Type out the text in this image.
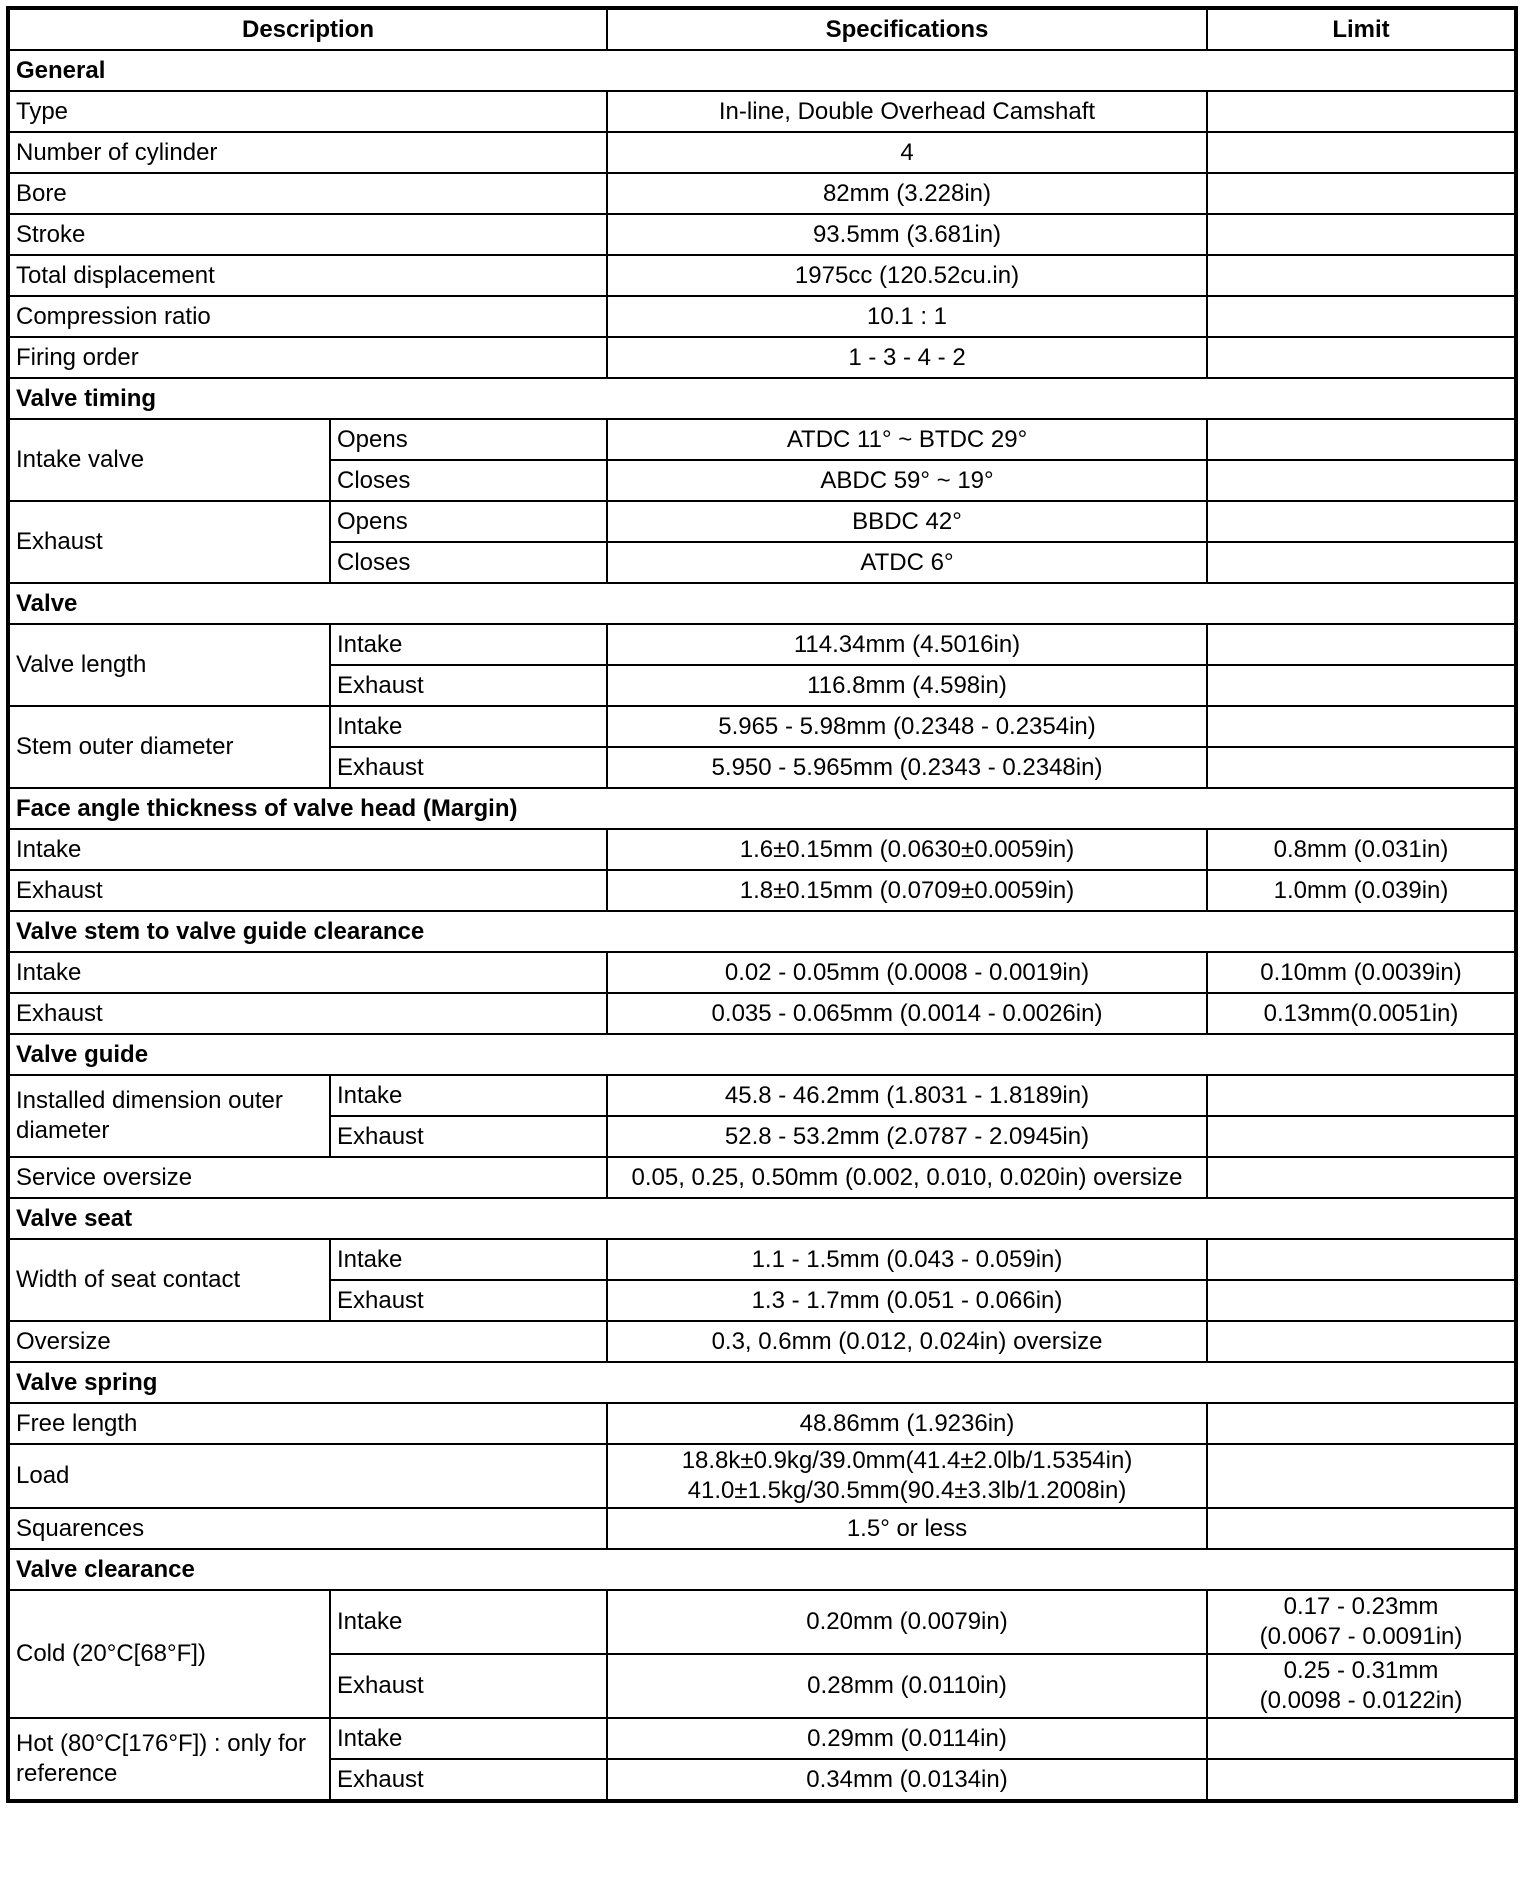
Description		Specifications	Limit
General			
Type		In-line, Double Overhead Camshaft	
Number of cylinder		4	
Bore		82mm (3.228in)	
Stroke		93.5mm (3.681in)	
Total displacement		1975cc (120.52cu.in)	
Compression ratio		10.1 : 1	
Firing order		1 - 3 - 4 - 2	
Valve timing			
Intake valve	Opens	ATDC 11° ~ BTDC 29°	
	Closes	ABDC 59° ~ 19°	
Exhaust	Opens	BBDC 42°	
	Closes	ATDC 6°	
Valve			
Valve length	Intake	114.34mm (4.5016in)	
	Exhaust	116.8mm (4.598in)	
Stem outer diameter	Intake	5.965 - 5.98mm (0.2348 - 0.2354in)	
	Exhaust	5.950 - 5.965mm (0.2343 - 0.2348in)	
Face angle thickness of valve head (Margin)			
Intake		1.6±0.15mm (0.0630±0.0059in)	0.8mm (0.031in)
Exhaust		1.8±0.15mm (0.0709±0.0059in)	1.0mm (0.039in)
Valve stem to valve guide clearance			
Intake		0.02 - 0.05mm (0.0008 - 0.0019in)	0.10mm (0.0039in)
Exhaust		0.035 - 0.065mm (0.0014 - 0.0026in)	0.13mm(0.0051in)
Valve guide			
Installed dimension outer diameter	Intake	45.8 - 46.2mm (1.8031 - 1.8189in)	
	Exhaust	52.8 - 53.2mm (2.0787 - 2.0945in)	
Service oversize		0.05, 0.25, 0.50mm (0.002, 0.010, 0.020in) oversize	
Valve seat			
Width of seat contact	Intake	1.1 - 1.5mm (0.043 - 0.059in)	
	Exhaust	1.3 - 1.7mm (0.051 - 0.066in)	
Oversize		0.3, 0.6mm (0.012, 0.024in) oversize	
Valve spring			
Free length		48.86mm (1.9236in)	
Load		18.8k±0.9kg/39.0mm(41.4±2.0lb/1.5354in)
41.0±1.5kg/30.5mm(90.4±3.3lb/1.2008in)	

Squarences		1.5° or less	
Valve clearance			
Cold (20°C[68°F])	Intake	0.20mm (0.0079in)	0.17 - 0.23mm
(0.0067 - 0.0091in)

	Exhaust	0.28mm (0.0110in)	0.25 - 0.31mm
(0.0098 - 0.0122in)

Hot (80°C[176°F]) : only for reference	Intake	0.29mm (0.0114in)	
	Exhaust	0.34mm (0.0134in)	
